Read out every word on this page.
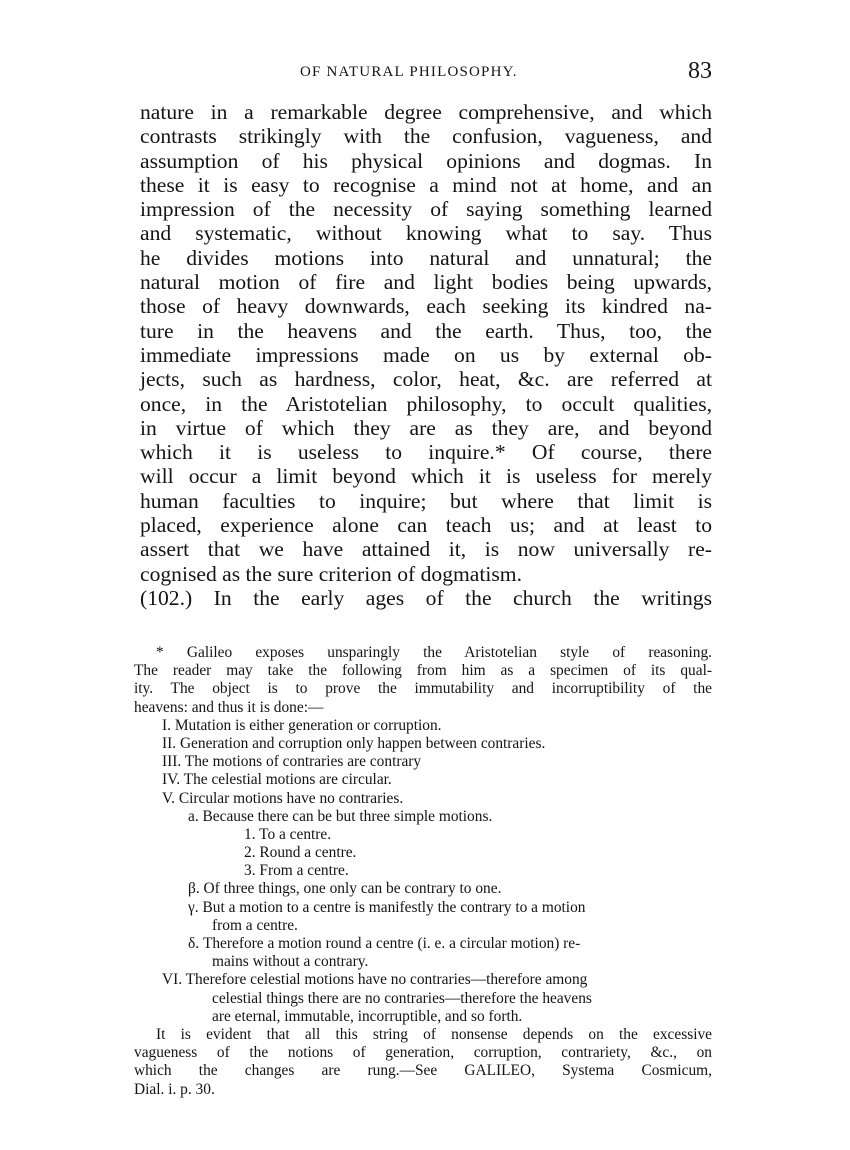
OF NATURAL PHILOSOPHY.	83
nature in a remarkable degree comprehensive, and which
contrasts strikingly with the confusion, vagueness, and
assumption of his physical opinions and dogmas. In
these it is easy to recognise a mind not at home, and an
impression of the necessity of saying something learned
and systematic, without knowing what to say. Thus
he divides motions into natural and unnatural; the
natural motion of fire and light bodies being upwards,
those of heavy downwards, each seeking its kindred na-
ture in the heavens and the earth. Thus, too, the
immediate impressions made on us by external ob-
jects, such as hardness, color, heat, &c. are referred at
once, in the Aristotelian philosophy, to occult qualities,
in virtue of which they are as they are, and beyond
which it is useless to inquire.* Of course, there
will occur a limit beyond which it is useless for merely
human faculties to inquire; but where that limit is
placed, experience alone can teach us; and at least to
assert that we have attained it, is now universally re-
cognised as the sure criterion of dogmatism.
(102.) In the early ages of the church the writings
* Galileo exposes unsparingly the Aristotelian style of reasoning.
The reader may take the following from him as a specimen of its qual-
ity. The object is to prove the immutability and incorruptibility of the
heavens: and thus it is done:—
I. Mutation is either generation or corruption.
II. Generation and corruption only happen between contraries.
III. The motions of contraries are contrary
IV. The celestial motions are circular.
V. Circular motions have no contraries.
a. Because there can be but three simple motions.
1. To a centre.
2. Round a centre.
3. From a centre.
β. Of three things, one only can be contrary to one.
γ. But a motion to a centre is manifestly the contrary to a motion
from a centre.
δ. Therefore a motion round a centre (i. e. a circular motion) re-
mains without a contrary.
VI. Therefore celestial motions have no contraries—therefore among
celestial things there are no contraries—therefore the heavens
are eternal, immutable, incorruptible, and so forth.
It is evident that all this string of nonsense depends on the excessive
vagueness of the notions of generation, corruption, contrariety, &c., on
which the changes are rung.—See GALILEO, Systema Cosmicum,
Dial. i. p. 30.
